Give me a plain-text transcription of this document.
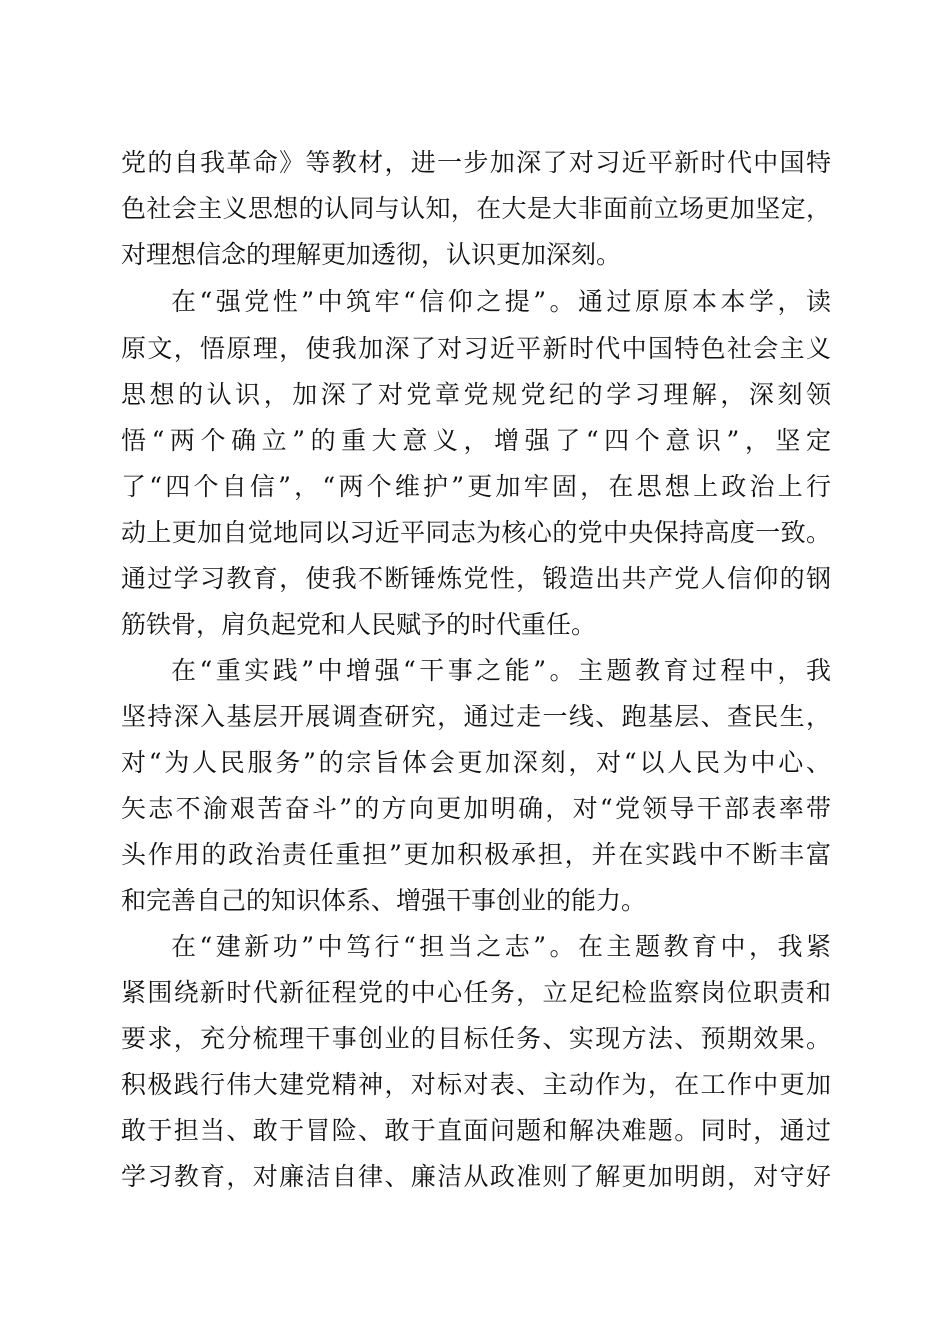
党的自我革命》等教材，进一步加深了对习近平新时代中国特
色社会主义思想的认同与认知，在大是大非面前立场更加坚定，
对理想信念的理解更加透彻，认识更加深刻。
在“强党性”中筑牢“信仰之提”。通过原原本本学，读
原文，悟原理，使我加深了对习近平新时代中国特色社会主义
思想的认识，加深了对党章党规党纪的学习理解，深刻领
悟“两个确立”的重大意义，增强了“四个意识”，坚定
了“四个自信”，“两个维护”更加牢固，在思想上政治上行
动上更加自觉地同以习近平同志为核心的党中央保持高度一致。
通过学习教育，使我不断锤炼党性，锻造出共产党人信仰的钢
筋铁骨，肩负起党和人民赋予的时代重任。
在“重实践”中增强“干事之能”。主题教育过程中，我
坚持深入基层开展调查研究，通过走一线、跑基层、查民生，
对“为人民服务”的宗旨体会更加深刻，对“以人民为中心、
矢志不渝艰苦奋斗”的方向更加明确，对“党领导干部表率带
头作用的政治责任重担”更加积极承担，并在实践中不断丰富
和完善自己的知识体系、增强干事创业的能力。
在“建新功”中笃行“担当之志”。在主题教育中，我紧
紧围绕新时代新征程党的中心任务，立足纪检监察岗位职责和
要求，充分梳理干事创业的目标任务、实现方法、预期效果。
积极践行伟大建党精神，对标对表、主动作为，在工作中更加
敢于担当、敢于冒险、敢于直面问题和解决难题。同时，通过
学习教育，对廉洁自律、廉洁从政准则了解更加明朗，对守好
